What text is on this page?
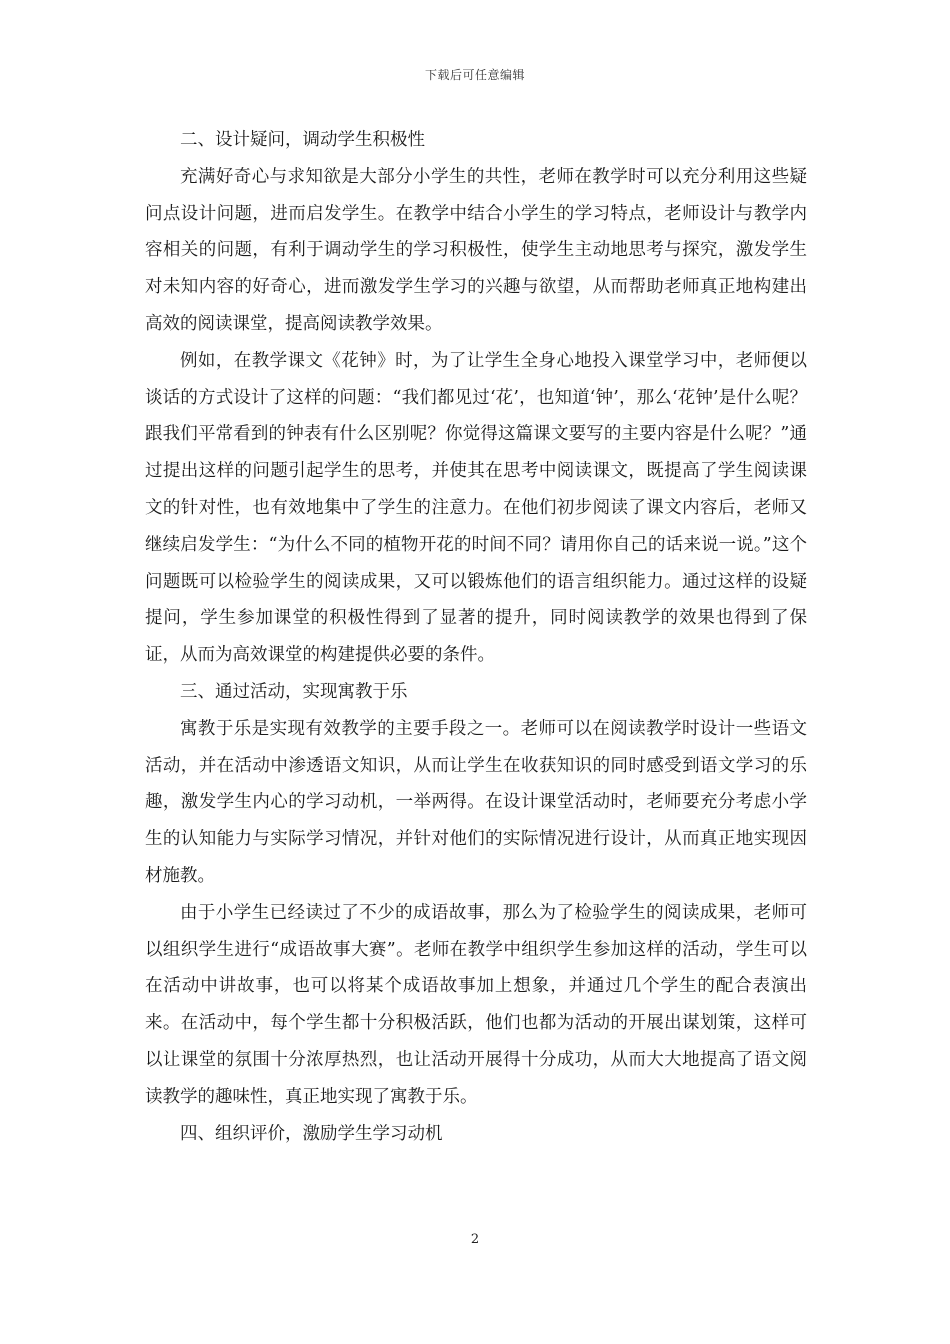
下载后可任意编辑

二、设计疑问，调动学生积极性

充满好奇心与求知欲是大部分小学生的共性，老师在教学时可以充分利用这些疑问点设计问题，进而启发学生。在教学中结合小学生的学习特点，老师设计与教学内容相关的问题，有利于调动学生的学习积极性，使学生主动地思考与探究，激发学生对未知内容的好奇心，进而激发学生学习的兴趣与欲望，从而帮助老师真正地构建出高效的阅读课堂，提高阅读教学效果。

例如，在教学课文《花钟》时，为了让学生全身心地投入课堂学习中，老师便以谈话的方式设计了这样的问题：“我们都见过‘花’，也知道‘钟’，那么‘花钟’是什么呢？跟我们平常看到的钟表有什么区别呢？你觉得这篇课文要写的主要内容是什么呢？”通过提出这样的问题引起学生的思考，并使其在思考中阅读课文，既提高了学生阅读课文的针对性，也有效地集中了学生的注意力。在他们初步阅读了课文内容后，老师又继续启发学生：“为什么不同的植物开花的时间不同？请用你自己的话来说一说。”这个问题既可以检验学生的阅读成果，又可以锻炼他们的语言组织能力。通过这样的设疑提问，学生参加课堂的积极性得到了显著的提升，同时阅读教学的效果也得到了保证，从而为高效课堂的构建提供必要的条件。

三、通过活动，实现寓教于乐

寓教于乐是实现有效教学的主要手段之一。老师可以在阅读教学时设计一些语文活动，并在活动中渗透语文知识，从而让学生在收获知识的同时感受到语文学习的乐趣，激发学生内心的学习动机，一举两得。在设计课堂活动时，老师要充分考虑小学生的认知能力与实际学习情况，并针对他们的实际情况进行设计，从而真正地实现因材施教。

由于小学生已经读过了不少的成语故事，那么为了检验学生的阅读成果，老师可以组织学生进行“成语故事大赛”。老师在教学中组织学生参加这样的活动，学生可以在活动中讲故事，也可以将某个成语故事加上想象，并通过几个学生的配合表演出来。在活动中，每个学生都十分积极活跃，他们也都为活动的开展出谋划策，这样可以让课堂的氛围十分浓厚热烈，也让活动开展得十分成功，从而大大地提高了语文阅读教学的趣味性，真正地实现了寓教于乐。

四、组织评价，激励学生学习动机

2
